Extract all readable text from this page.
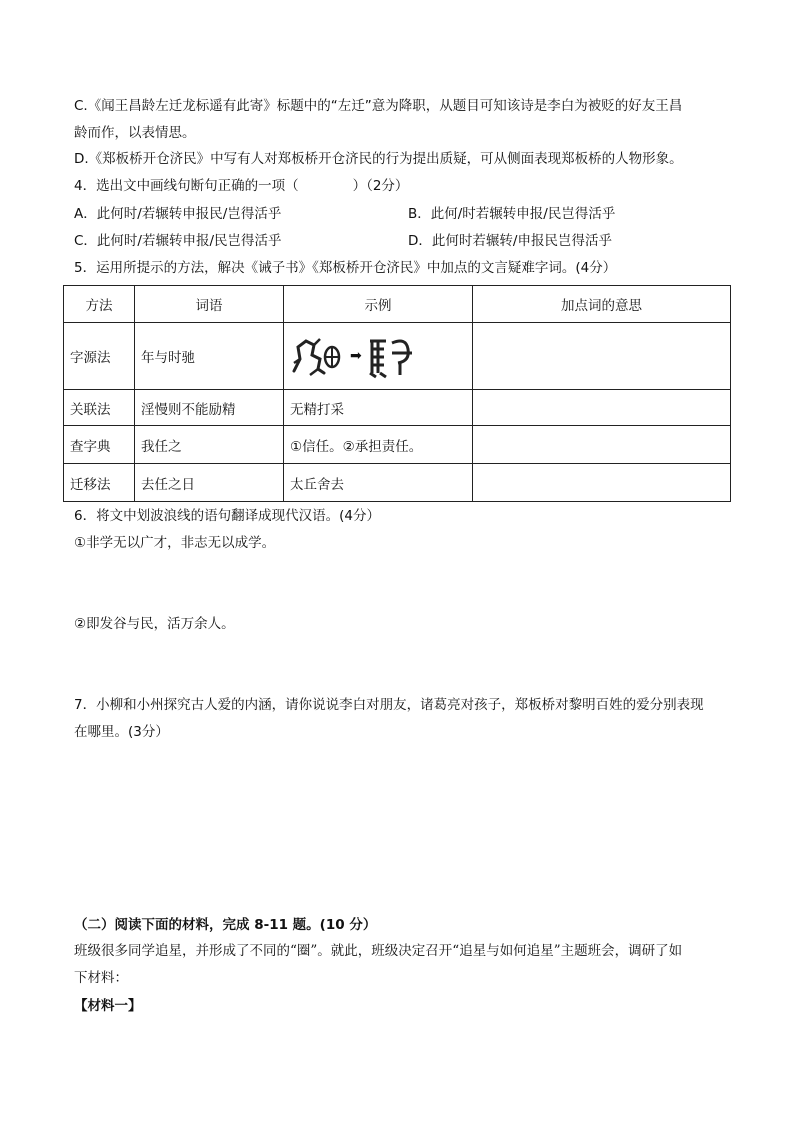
C.《闻王昌龄左迁龙标遥有此寄》标题中的“左迁”意为降职，从题目可知该诗是李白为被贬的好友王昌
龄而作，以表情思。
D.《郑板桥开仓济民》中写有人对郑板桥开仓济民的行为提出质疑，可从侧面表现郑板桥的人物形象。
4．选出文中画线句断句正确的一项（　　　　）（2分）
A．此何时/若辗转申报民/岂得活乎	B．此何/时若辗转申报/民岂得活乎
C．此何时/若辗转申报/民岂得活乎	D．此何时若辗转/申报民岂得活乎
5．运用所提示的方法，解决《诫子书》《郑板桥开仓济民》中加点的文言疑难字词。(4分）
方法	词语	示例	加点词的意思
字源法	年与时驰	➡	

关联法	淫慢则不能励精	无精打采	
查字典	我任之	①信任。②承担责任。	
迁移法	去任之日	太丘舍去	
6．将文中划波浪线的语句翻译成现代汉语。(4分）
①非学无以广才，非志无以成学。
②即发谷与民，活万余人。
7．小柳和小州探究古人爱的内涵，请你说说李白对朋友，诸葛亮对孩子，郑板桥对黎明百姓的爱分别表现
在哪里。(3分）
（二）阅读下面的材料，完成 8-11 题。(10 分）
班级很多同学追星，并形成了不同的“圈”。就此，班级决定召开“追星与如何追星”主题班会，调研了如
下材料：
【材料一】
